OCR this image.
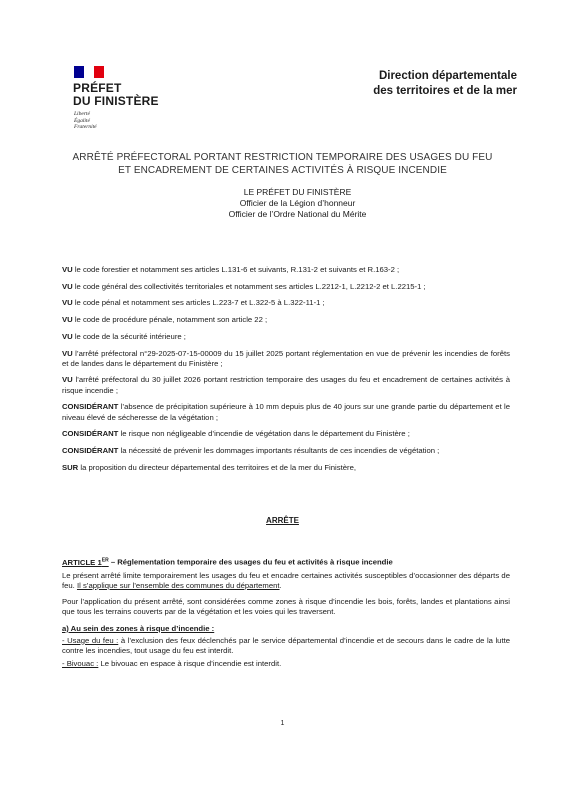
PRÉFET
DU FINISTÈRE
Liberté
Égalité
Fraternité
Direction départementale
des territoires et de la mer
ARRÊTÉ PRÉFECTORAL PORTANT RESTRICTION TEMPORAIRE DES USAGES DU FEU
ET ENCADREMENT DE CERTAINES ACTIVITÉS À RISQUE INCENDIE
LE PRÉFET DU FINISTÈRE
Officier de la Légion d’honneur
Officier de l’Ordre National du Mérite

VU le code forestier et notamment ses articles L.131-6 et suivants, R.131-2 et suivants et R.163-2 ;

VU le code général des collectivités territoriales et notamment ses articles L.2212-1, L.2212-2 et L.2215-1 ;

VU le code pénal et notamment ses articles L.223-7 et L.322-5 à L.322-11-1 ;

VU le code de procédure pénale, notamment son article 22 ;

VU le code de la sécurité intérieure ;

VU l’arrêté préfectoral n°29-2025-07-15-00009 du 15 juillet 2025 portant réglementation en vue de prévenir les incendies de forêts et de landes dans le département du Finistère ;

VU l’arrêté préfectoral du 30 juillet 2026 portant restriction temporaire des usages du feu et encadrement de certaines activités à risque incendie ;

CONSIDÉRANT l’absence de précipitation supérieure à 10 mm depuis plus de 40 jours sur une grande partie du département et le niveau élevé de sécheresse de la végétation ;

CONSIDÉRANT le risque non négligeable d’incendie de végétation dans le département du Finistère ;

CONSIDÉRANT la nécessité de prévenir les dommages importants résultants de ces incendies de végétation ;

SUR la proposition du directeur départemental des territoires et de la mer du Finistère,

ARRÊTE

ARTICLE 1ER – Réglementation temporaire des usages du feu et activités à risque incendie

Le présent arrêté limite temporairement les usages du feu et encadre certaines activités susceptibles d’occasionner des départs de feu. Il s’applique sur l’ensemble des communes du département.

Pour l’application du présent arrêté, sont considérées comme zones à risque d’incendie les bois, forêts, landes et plantations ainsi que tous les terrains couverts par de la végétation et les voies qui les traversent.

a) Au sein des zones à risque d’incendie :

- Usage du feu : à l’exclusion des feux déclenchés par le service départemental d’incendie et de secours dans le cadre de la lutte contre les incendies, tout usage du feu est interdit.

- Bivouac : Le bivouac en espace à risque d’incendie est interdit.

1
